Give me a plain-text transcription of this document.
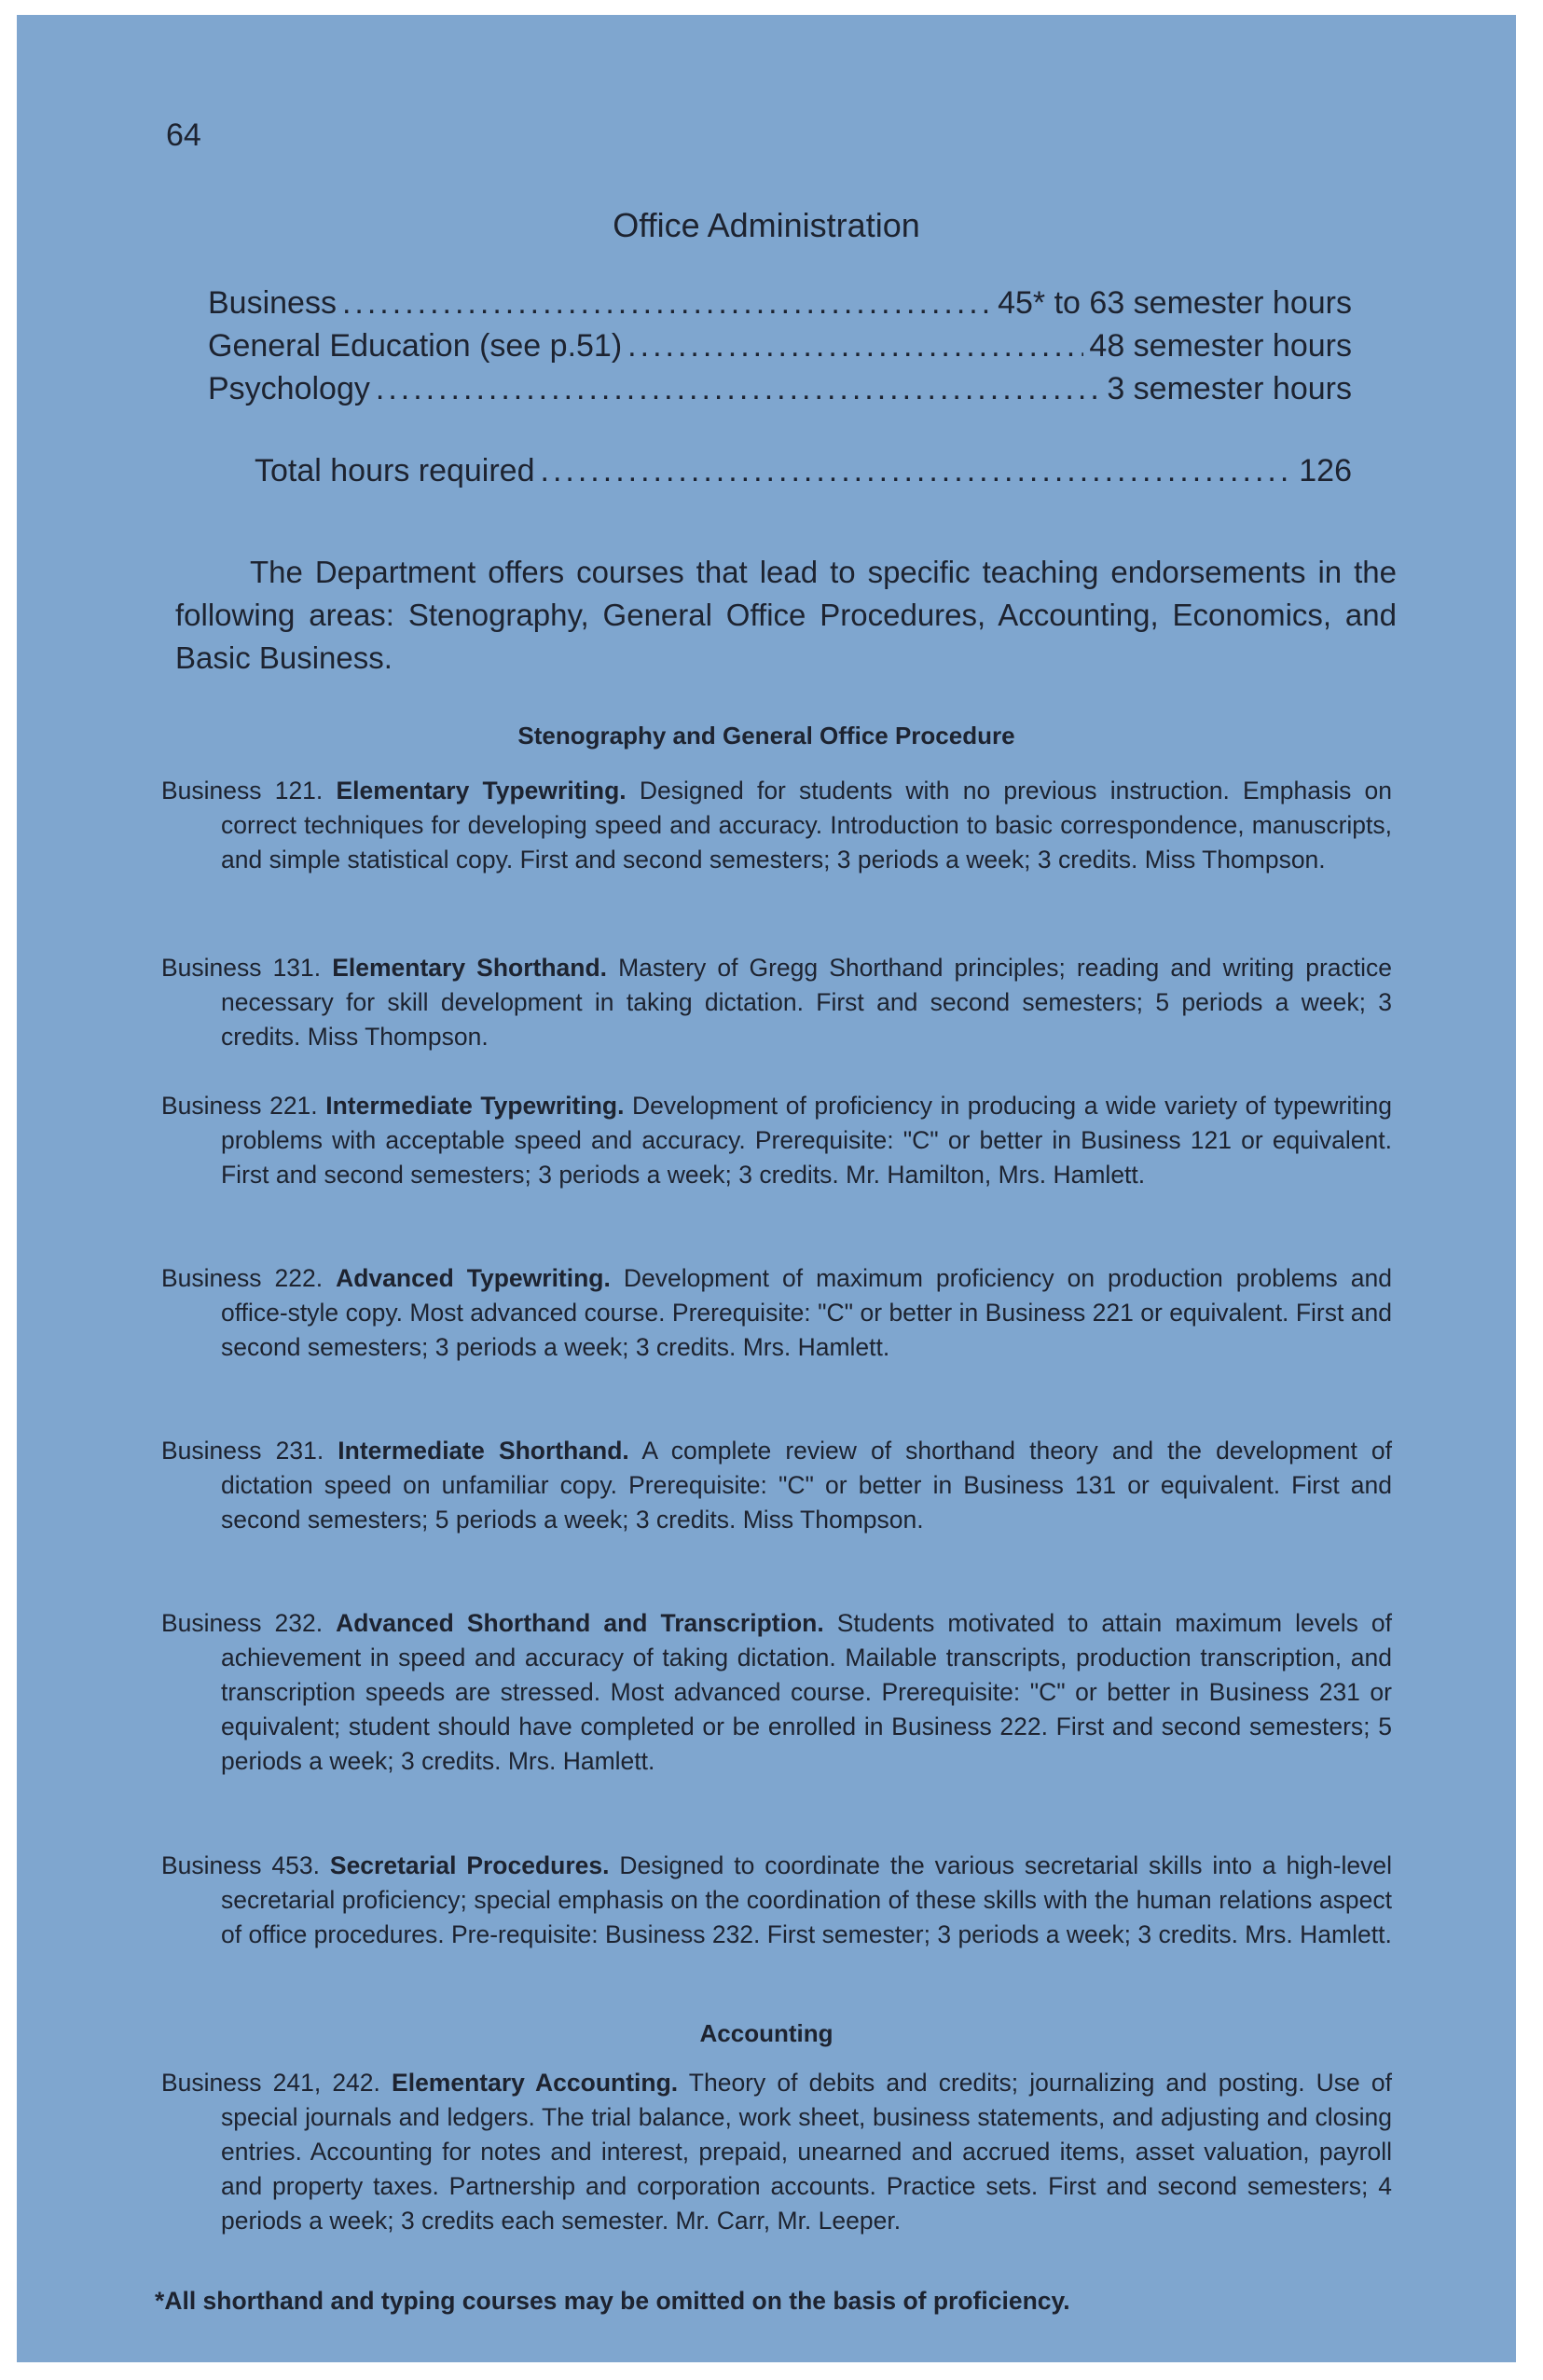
64
Office Administration
Business .....	45* to 63 semester hours
General Education (see p.51) .....	48 semester hours
Psychology .....	3 semester hours
Total hours required .....	126
The Department offers courses that lead to specific teaching endorsements in the following areas: Stenography, General Office Procedures, Accounting, Economics, and Basic Business.
Stenography and General Office Procedure
Business 121. Elementary Typewriting. Designed for students with no previous instruction. Emphasis on correct techniques for developing speed and accuracy. Introduction to basic correspondence, manuscripts, and simple statistical copy. First and second semesters; 3 periods a week; 3 credits. Miss Thompson.
Business 131. Elementary Shorthand. Mastery of Gregg Shorthand principles; reading and writing practice necessary for skill development in taking dictation. First and second semesters; 5 periods a week; 3 credits. Miss Thompson.
Business 221. Intermediate Typewriting. Development of proficiency in producing a wide variety of typewriting problems with acceptable speed and accuracy. Prerequisite: "C" or better in Business 121 or equivalent. First and second semesters; 3 periods a week; 3 credits. Mr. Hamilton, Mrs. Hamlett.
Business 222. Advanced Typewriting. Development of maximum proficiency on production problems and office-style copy. Most advanced course. Prerequisite: "C" or better in Business 221 or equivalent. First and second semesters; 3 periods a week; 3 credits. Mrs. Hamlett.
Business 231. Intermediate Shorthand. A complete review of shorthand theory and the development of dictation speed on unfamiliar copy. Prerequisite: "C" or better in Business 131 or equivalent. First and second semesters; 5 periods a week; 3 credits. Miss Thompson.
Business 232. Advanced Shorthand and Transcription. Students motivated to attain maximum levels of achievement in speed and accuracy of taking dictation. Mailable transcripts, production transcription, and transcription speeds are stressed. Most advanced course. Prerequisite: "C" or better in Business 231 or equivalent; student should have completed or be enrolled in Business 222. First and second semesters; 5 periods a week; 3 credits. Mrs. Hamlett.
Business 453. Secretarial Procedures. Designed to coordinate the various secretarial skills into a high-level secretarial proficiency; special emphasis on the coordination of these skills with the human relations aspect of office procedures. Pre-requisite: Business 232. First semester; 3 periods a week; 3 credits. Mrs. Hamlett.
Accounting
Business 241, 242. Elementary Accounting. Theory of debits and credits; journalizing and posting. Use of special journals and ledgers. The trial balance, work sheet, business statements, and adjusting and closing entries. Accounting for notes and interest, prepaid, unearned and accrued items, asset valuation, payroll and property taxes. Partnership and corporation accounts. Practice sets. First and second semesters; 4 periods a week; 3 credits each semester. Mr. Carr, Mr. Leeper.
*All shorthand and typing courses may be omitted on the basis of proficiency.
